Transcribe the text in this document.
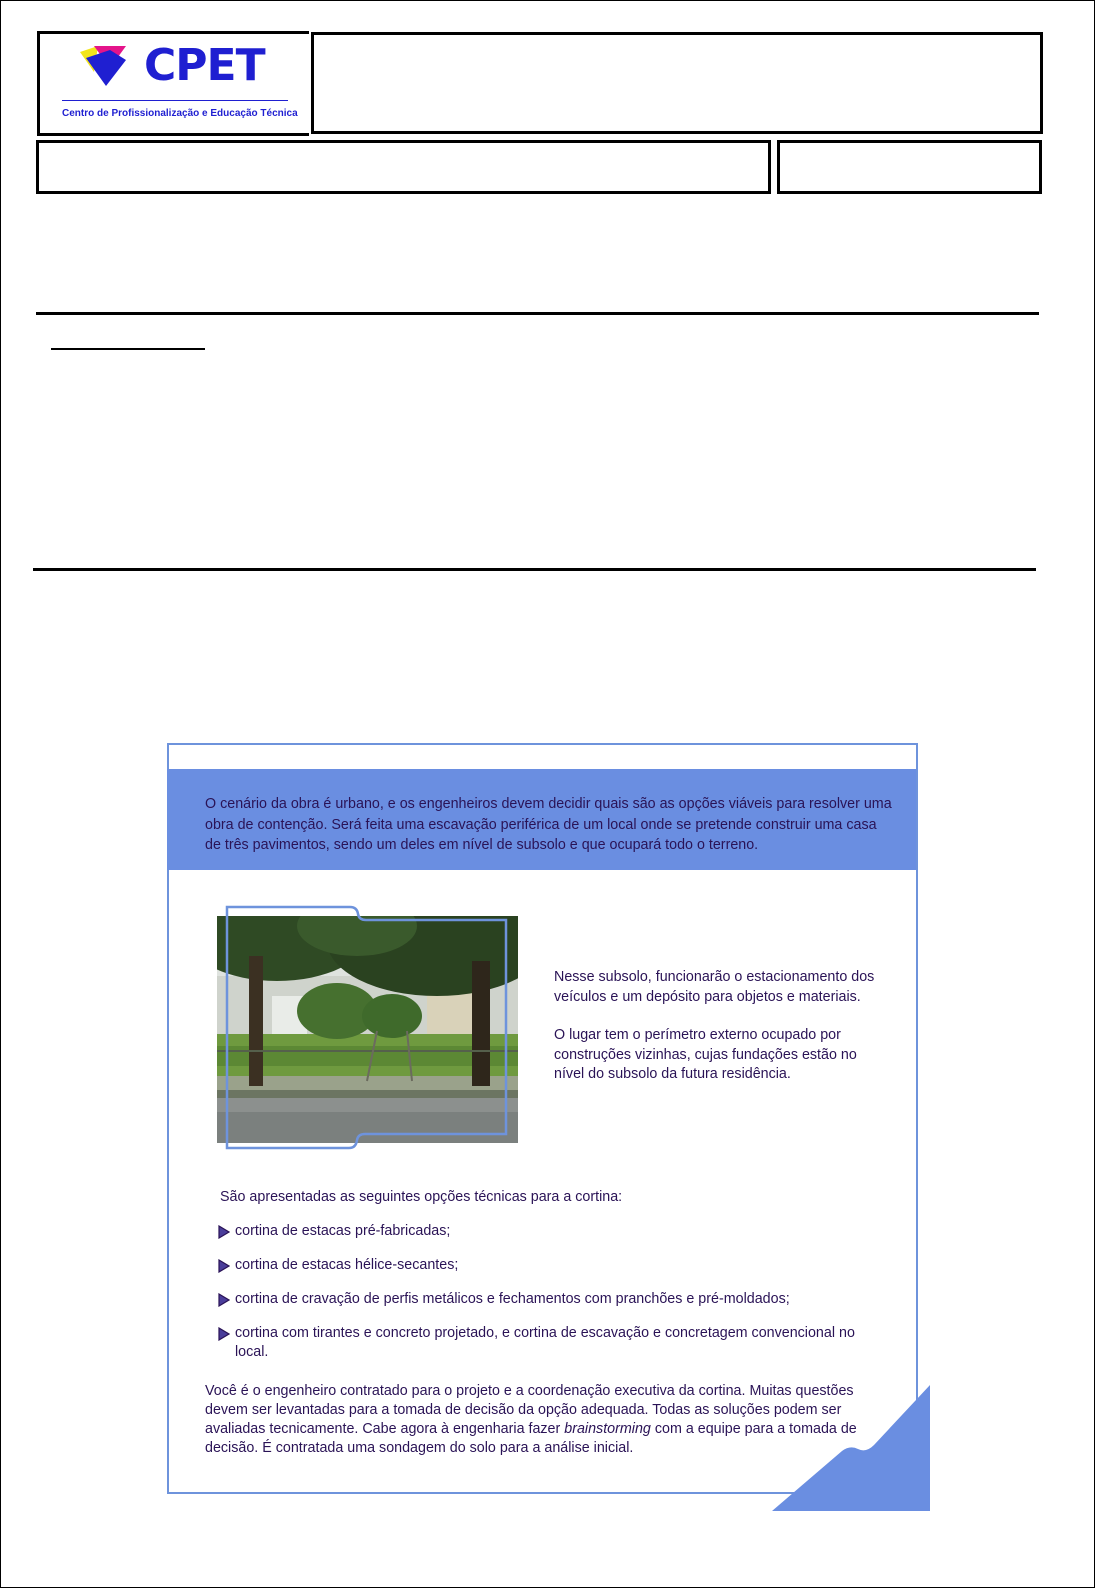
CPET
Centro de Profissionalização e Educação Técnica
O cenário da obra é urbano, e os engenheiros devem decidir quais são as opções viáveis para resolver uma obra de contenção. Será feita uma escavação periférica de um local onde se pretende construir uma casa de três pavimentos, sendo um deles em nível de subsolo e que ocupará todo o terreno.

Nesse subsolo, funcionarão o estacionamento dos veículos e um depósito para objetos e materiais.

O lugar tem o perímetro externo ocupado por construções vizinhas, cujas fundações estão no nível do subsolo da futura residência.

São apresentadas as seguintes opções técnicas para a cortina:
cortina de estacas pré-fabricadas;
cortina de estacas hélice-secantes;
cortina de cravação de perfis metálicos e fechamentos com pranchões e pré-moldados;
cortina com tirantes e concreto projetado, e cortina de escavação e concretagem convencional no local.
Você é o engenheiro contratado para o projeto e a coordenação executiva da cortina. Muitas questões devem ser levantadas para a tomada de decisão da opção adequada. Todas as soluções podem ser avaliadas tecnicamente. Cabe agora à engenharia fazer brainstorming com a equipe para a tomada de decisão. É contratada uma sondagem do solo para a análise inicial.
